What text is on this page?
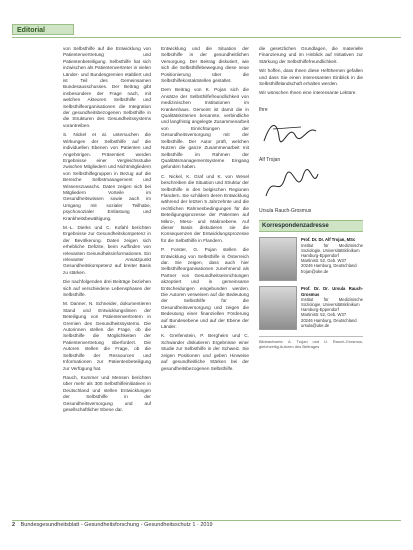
Editorial

von Selbsthilfe auf die Entwicklung von Patientenvertretung und Patientenbeteiligung. Selbsthilfe hat sich inzwischen als Patientenvertreter in vielen Länder- und Bundesgremien etabliert und ist Teil des Gemeinsamen Bundesausschusses. Der Beitrag gibt insbesondere der Frage nach, mit welchen Akteuren Selbsthilfe und Selbsthilfeorganisationen die Integration der gesundheitsbezogenen Selbsthilfe in die Strukturen des Gesundheitssystems vorantreiben.

S. Nickel et al. untersuchen die Wirkungen der Selbsthilfe auf die individuellen Ebenen von Patienten und Angehörigen. Präsentiert werden Ergebnisse einer Vergleichsstudie zwischen Mitgliedern und Nichtmitgliedern von Selbsthilfegruppen in Bezug auf die Bereiche Selbstmanagement und Wissenszuwachs. Daten zeigen sich bei Mitgliedern Vorteile im Gesundheitswissen sowie auch im Umgang mit sozialer Teilhabe, psychosozialer Entlastung und Krankheitsbewältigung.

M.-L. Dierks und C. Kofahl berichten Ergebnisse zur Gesundheitskompetenz in der Bevölkerung. Daten zeigen sich erhebliche Defizite, beim Auffinden von relevanten Gesundheitsinformationen. Ein relevanter Ansatzpunkt Gesundheitskompetenz auf breiter Basis zu stärken.

Die nachfolgenden drei Beiträge beziehen sich auf verschiedene Lebensphasen der Selbsthilfe.

M. Danner, N. Schneider, dokumentieren Stand und Entwicklungslinien der Beteiligung von Patientenvertretern in Gremien des Gesundheitssystems. Die Autorinnen stellen die Frage, ob die Selbsthilfe die Möglichkeiten der Patientenvertretung überfordert. Die Autoren stellen die Frage, ob die Selbsthilfe der Ressourcen und Informationen zur Patientenbeteiligung zur Verfügung hat.

Rauch, Kummer und Mensen berichten über mehr als 300 Selbsthilfeinitiativen in Deutschland und stellen Entwicklungen der Selbsthilfe in der Gesundheitsversorgung und auf gesellschaftlicher Ebene dar.

Entwicklung und die Situation der Selbsthilfe in der gesundheitlichen Versorgung. Der Beitrag diskutiert, wie sich die Selbsthilfebewegung diese neue Positionierung über die Selbsthilfekontaktstellen gestaltet.

Dem Beitrag von K. Pojan sich die Ansätze der Selbsthilfefreundlichkeit von medizinischen Institutionen im Krankenhaus. Gemeint ist damit die in Qualitätskriterien benannte, verbindliche und langfristig angelegte Zusammenarbeit von Einrichtungen der Gesundheitsversorgung mit der Selbsthilfe. Der Autor prüft, welchen Nutzen die ganze Zusammenarbeit mit Selbsthilfe im Rahmen der Qualitätsmanagementsysteme Eingang gefunden haben.

C. Nickel, K. Graf und K. von Wesel beschreiben die Situation und Struktur der Selbsthilfe in den belgischen Regionen Flandern. Sie schildern deren Entwicklung während der letzten 5 Jahrzehnte und die rechtlichen Rahmenbedingungen für die Beteiligungsprozesse der Patienten auf Mikro-, Meso- und Makroebene. Auf dieser Basis diskutieren sie die Konsequenzen der Entwicklungsprozesse für die Selbsthilfe in Flandern.

P. Forster, G. Pojan stellen die Entwicklung von Selbsthilfe in Österreich dar. Sie zeigen, dass auch hier Selbsthilfeorganisationen zunehmend als Partner von Gesundheitseinrichtungen akzeptiert und in gemeinsame Entscheidungen eingebunden werden. Die Autoren verweisen auf die Bedeutung der Selbsthilfe für die Gesundheitsversorgung und zeigen die Bedeutung einer finanziellen Förderung auf Bundesebene und auf der Ebene der Länder.

K. Greifenstein, P. Bergheim und C. Schwander diskutieren Ergebnisse einer Studie zur Selbsthilfe in der Schweiz. Sie zeigen Positionen und geben Hinweise auf gesundheitliche Stärken bei der gesundheitsbezogenen Selbsthilfe.

die gesetzlichen Grundlagen, die materielle Finanzierung und im Hinblick auf Initiativen zur Stärkung der Selbsthilfefreundlichkeit.

Wir hoffen, dass Ihnen diese Heftthemen gefallen und dass Sie einen interessanten Einblick in die Selbsthilfelandschaft erhalten werden.

Wir wünschen Ihnen eine interessante Lektüre.

Ihre
Alf Trojan
Ursula Rauch-Grosmus
Korrespondenzadresse
Prof. Dr. Dr. Alf Trojan, MSc
Institut für Medizinische Soziologie, Universitätsklinikum
Hamburg-Eppendorf
Martinistr. 52, Geb. W37
20246 Hamburg, Deutschland
trojan@uke.de
Prof. Dr. Dr. Ursula Rauch-Grosmus
Institut für Medizinische Soziologie, Universitätsklinikum
Hamburg-Eppendorf
Martinistr. 52, Geb. W37
20246 Hamburg, Deutschland
ursula@uke.de
Bildnachweis: A. Trojan und U. Rauch-Grosmus, gleichzeitig Autoren des Beitrages
2 Bundesgesundheitsblatt - Gesundheitsforschung - Gesundheitsschutz 1 · 2019
